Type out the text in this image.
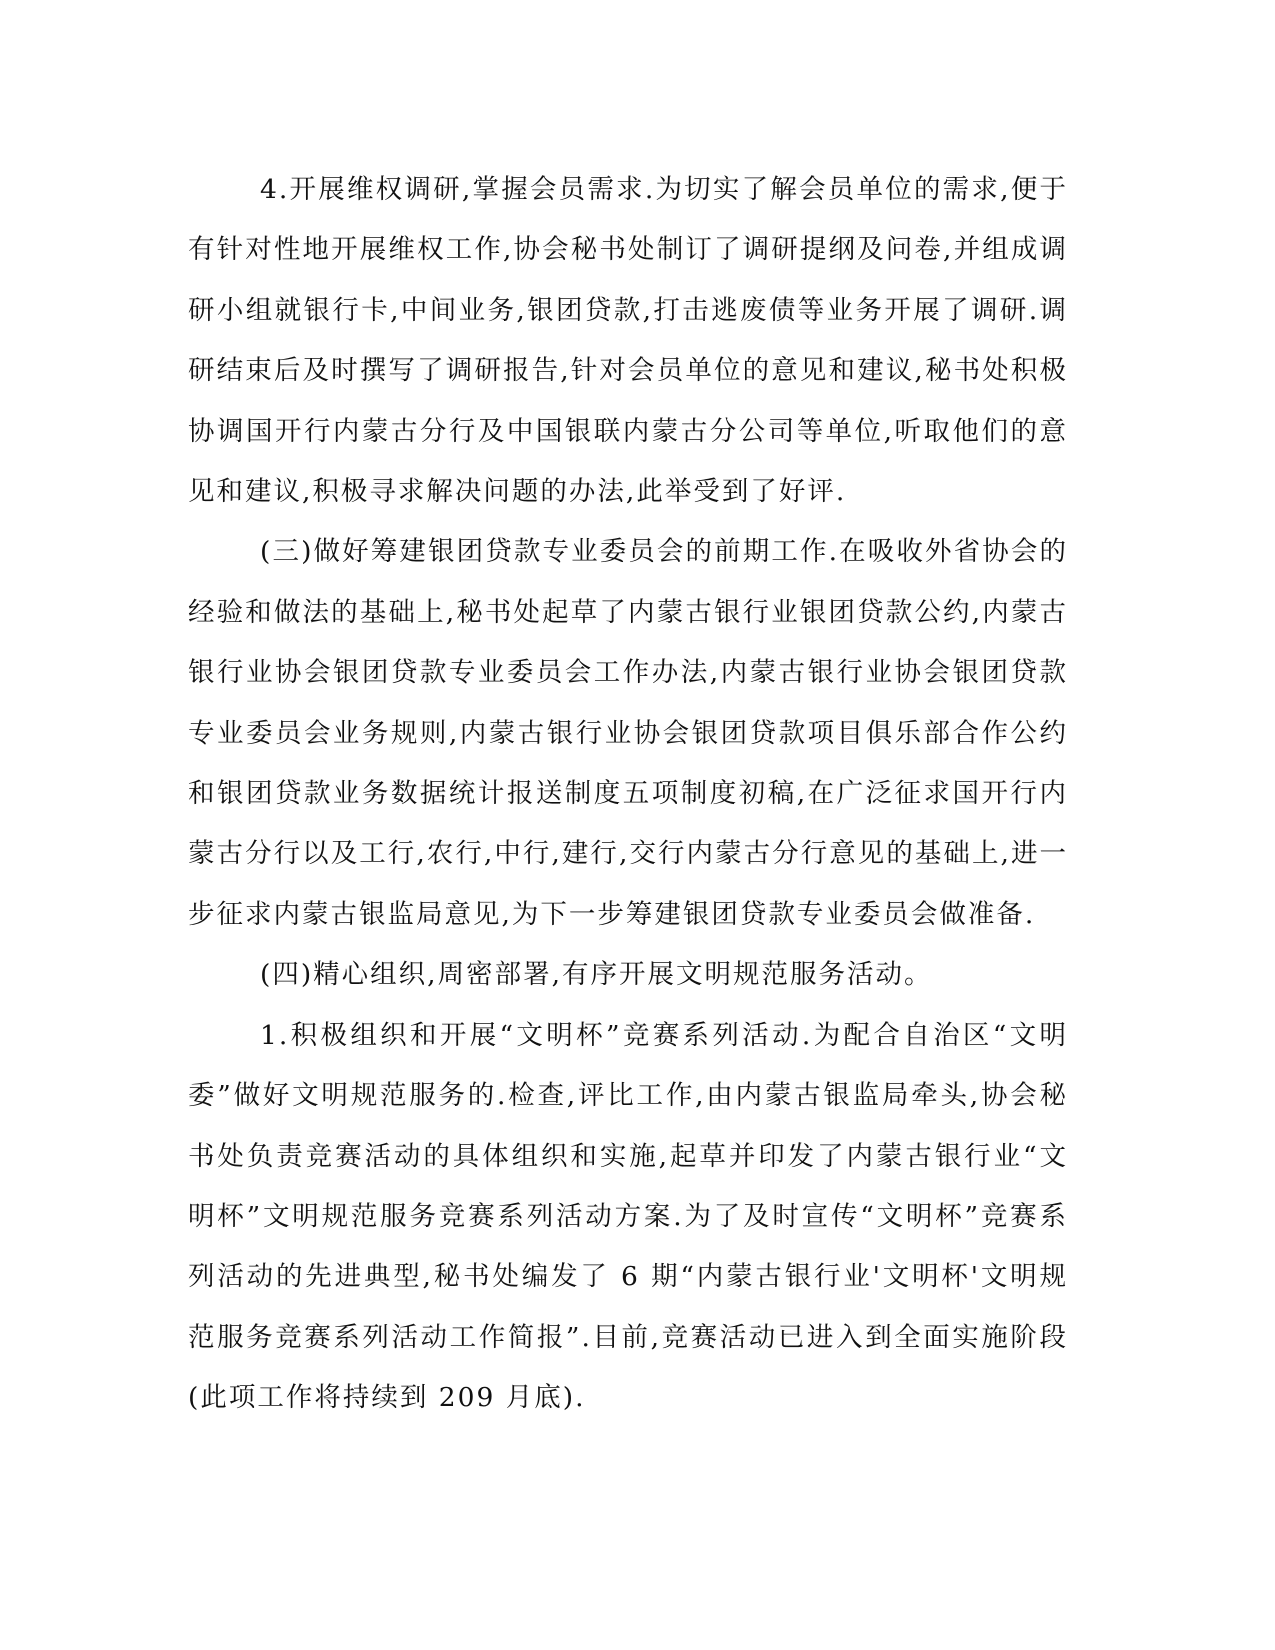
4.开展维权调研,掌握会员需求.为切实了解会员单位的需求,便于有针对性地开展维权工作,协会秘书处制订了调研提纲及问卷,并组成调研小组就银行卡,中间业务,银团贷款,打击逃废债等业务开展了调研.调研结束后及时撰写了调研报告,针对会员单位的意见和建议,秘书处积极协调国开行内蒙古分行及中国银联内蒙古分公司等单位,听取他们的意见和建议,积极寻求解决问题的办法,此举受到了好评.

(三)做好筹建银团贷款专业委员会的前期工作.在吸收外省协会的经验和做法的基础上,秘书处起草了内蒙古银行业银团贷款公约,内蒙古银行业协会银团贷款专业委员会工作办法,内蒙古银行业协会银团贷款专业委员会业务规则,内蒙古银行业协会银团贷款项目俱乐部合作公约和银团贷款业务数据统计报送制度五项制度初稿,在广泛征求国开行内蒙古分行以及工行,农行,中行,建行,交行内蒙古分行意见的基础上,进一步征求内蒙古银监局意见,为下一步筹建银团贷款专业委员会做准备.

(四)精心组织,周密部署,有序开展文明规范服务活动。

1.积极组织和开展“文明杯”竞赛系列活动.为配合自治区“文明委”做好文明规范服务的.检查,评比工作,由内蒙古银监局牵头,协会秘书处负责竞赛活动的具体组织和实施,起草并印发了内蒙古银行业“文明杯”文明规范服务竞赛系列活动方案.为了及时宣传“文明杯”竞赛系列活动的先进典型,秘书处编发了 6 期“内蒙古银行业'文明杯'文明规范服务竞赛系列活动工作简报”.目前,竞赛活动已进入到全面实施阶段(此项工作将持续到 209 月底).
